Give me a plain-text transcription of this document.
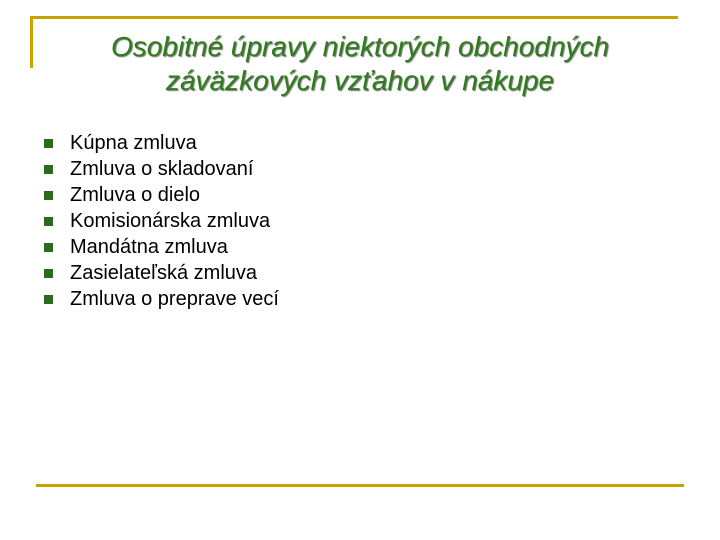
Osobitné úpravy niektorých obchodných
záväzkových vzťahov v nákupe
Kúpna zmluva
Zmluva o skladovaní
Zmluva o dielo
Komisionárska zmluva
Mandátna zmluva
Zasielateľská zmluva
Zmluva o preprave vecí
